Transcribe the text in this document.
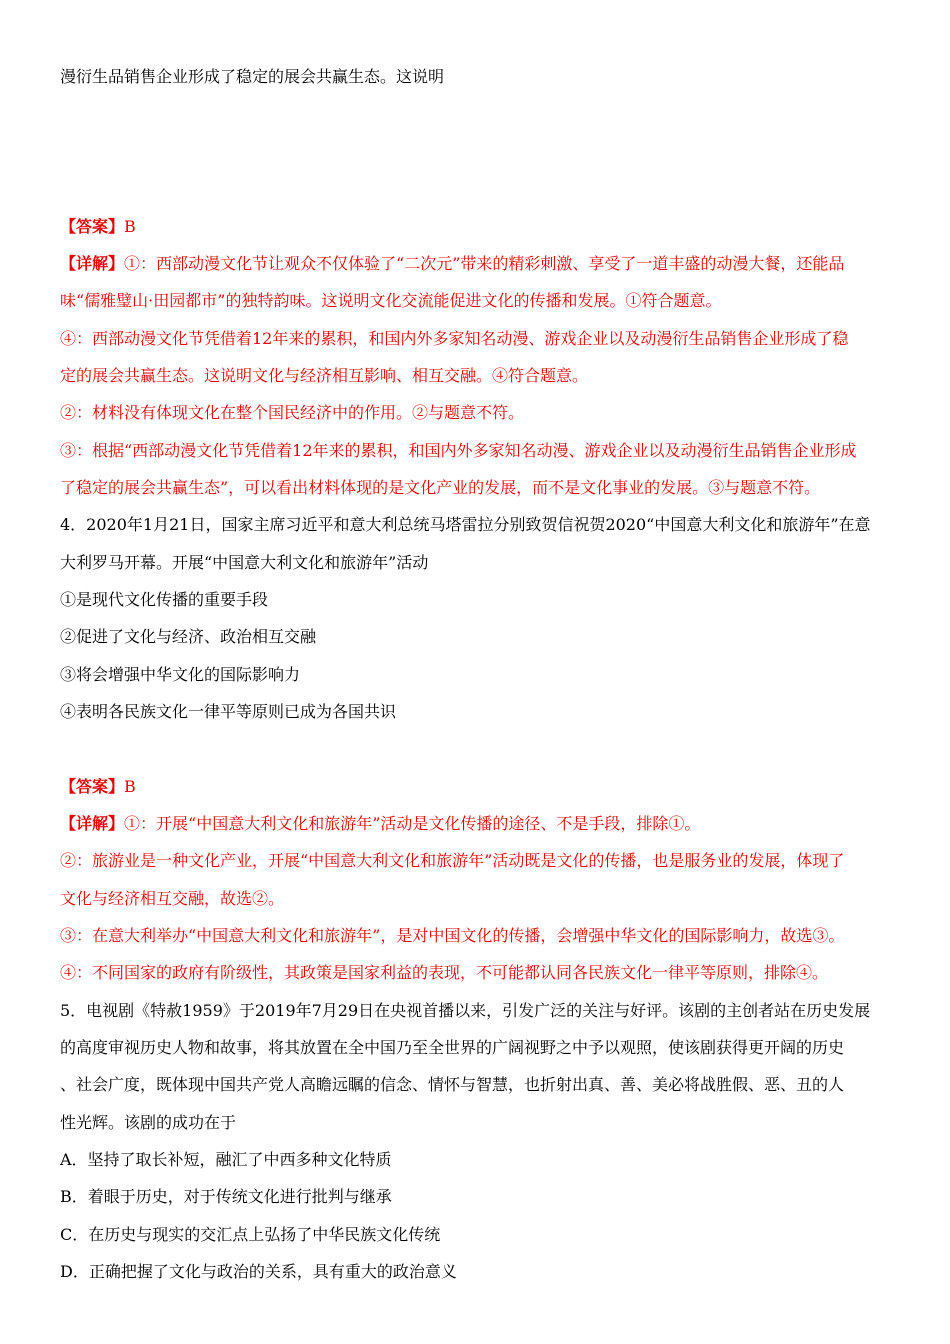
漫衍生品销售企业形成了稳定的展会共赢生态。这说明
【答案】B
【详解】①：西部动漫文化节让观众不仅体验了“二次元”带来的精彩刺激、享受了一道丰盛的动漫大餐，还能品
味“儒雅璧山·田园都市”的独特韵味。这说明文化交流能促进文化的传播和发展。①符合题意。
④：西部动漫文化节凭借着12年来的累积，和国内外多家知名动漫、游戏企业以及动漫衍生品销售企业形成了稳
定的展会共赢生态。这说明文化与经济相互影响、相互交融。④符合题意。
②：材料没有体现文化在整个国民经济中的作用。②与题意不符。
③：根据“西部动漫文化节凭借着12年来的累积，和国内外多家知名动漫、游戏企业以及动漫衍生品销售企业形成
了稳定的展会共赢生态”，可以看出材料体现的是文化产业的发展，而不是文化事业的发展。③与题意不符。
4．2020年1月21日，国家主席习近平和意大利总统马塔雷拉分别致贺信祝贺2020“中国意大利文化和旅游年”在意
大利罗马开幕。开展“中国意大利文化和旅游年”活动
①是现代文化传播的重要手段
②促进了文化与经济、政治相互交融
③将会增强中华文化的国际影响力
④表明各民族文化一律平等原则已成为各国共识
【答案】B
【详解】①：开展“中国意大利文化和旅游年”活动是文化传播的途径、不是手段，排除①。
②：旅游业是一种文化产业，开展“中国意大利文化和旅游年”活动既是文化的传播，也是服务业的发展，体现了
文化与经济相互交融，故选②。
③：在意大利举办“中国意大利文化和旅游年”，是对中国文化的传播，会增强中华文化的国际影响力，故选③。
④：不同国家的政府有阶级性，其政策是国家利益的表现，不可能都认同各民族文化一律平等原则，排除④。
5．电视剧《特赦1959》于2019年7月29日在央视首播以来，引发广泛的关注与好评。该剧的主创者站在历史发展
的高度审视历史人物和故事，将其放置在全中国乃至全世界的广阔视野之中予以观照，使该剧获得更开阔的历史
、社会广度，既体现中国共产党人高瞻远瞩的信念、情怀与智慧，也折射出真、善、美必将战胜假、恶、丑的人
性光辉。该剧的成功在于
A．坚持了取长补短，融汇了中西多种文化特质
B．着眼于历史，对于传统文化进行批判与继承
C．在历史与现实的交汇点上弘扬了中华民族文化传统
D．正确把握了文化与政治的关系，具有重大的政治意义
